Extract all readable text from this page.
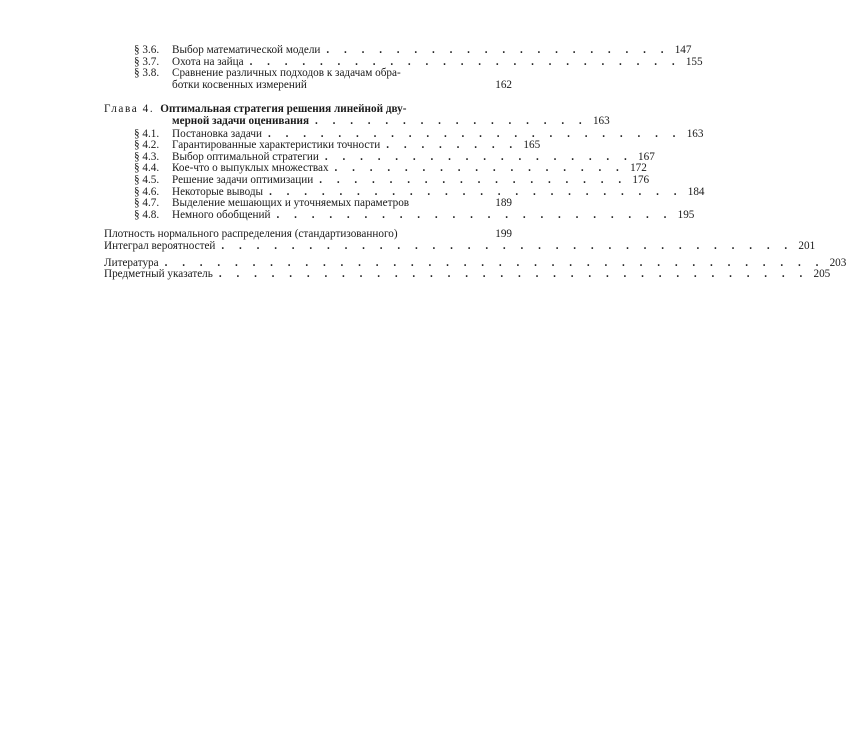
§ 3.6. Выбор математической модели . . . . . . . . . . . . . . . . . . . . 147
§ 3.7. Охота на зайца . . . . . . . . . . . . . . . . . . . . . . . . . 155
§ 3.8.	Сравнение различных подходов к задачам обра-
ботки косвенных измерений	162
Глава 4. Оптимальная стратегия решения линейной дву-
мерной задачи оценивания . . . . . . . . . . . . . . . . 163
§ 4.1. Постановка задачи . . . . . . . . . . . . . . . . . . . . . . . . 163
§ 4.2. Гарантированные характеристики точности . . . . . . . . 165
§ 4.3. Выбор оптимальной стратегии . . . . . . . . . . . . . . . . . . 167
§ 4.4. Кое-что о выпуклых множествах . . . . . . . . . . . . . . . . . 172
§ 4.5. Решение задачи оптимизации . . . . . . . . . . . . . . . . . . 176
§ 4.6. Некоторые выводы . . . . . . . . . . . . . . . . . . . . . . . . 184
§ 4.7. Выделение мешающих и уточняемых параметров	189
§ 4.8. Немного обобщений . . . . . . . . . . . . . . . . . . . . . . . 195
Плотность нормального распределения (стандартизованного)	199
Интеграл вероятностей . . . . . . . . . . . . . . . . . . . . . . . . . . . . . . . . . 201
Литература . . . . . . . . . . . . . . . . . . . . . . . . . . . . . . . . . . . . . . 203
Предметный указатель . . . . . . . . . . . . . . . . . . . . . . . . . . . . . . . . . . 205
